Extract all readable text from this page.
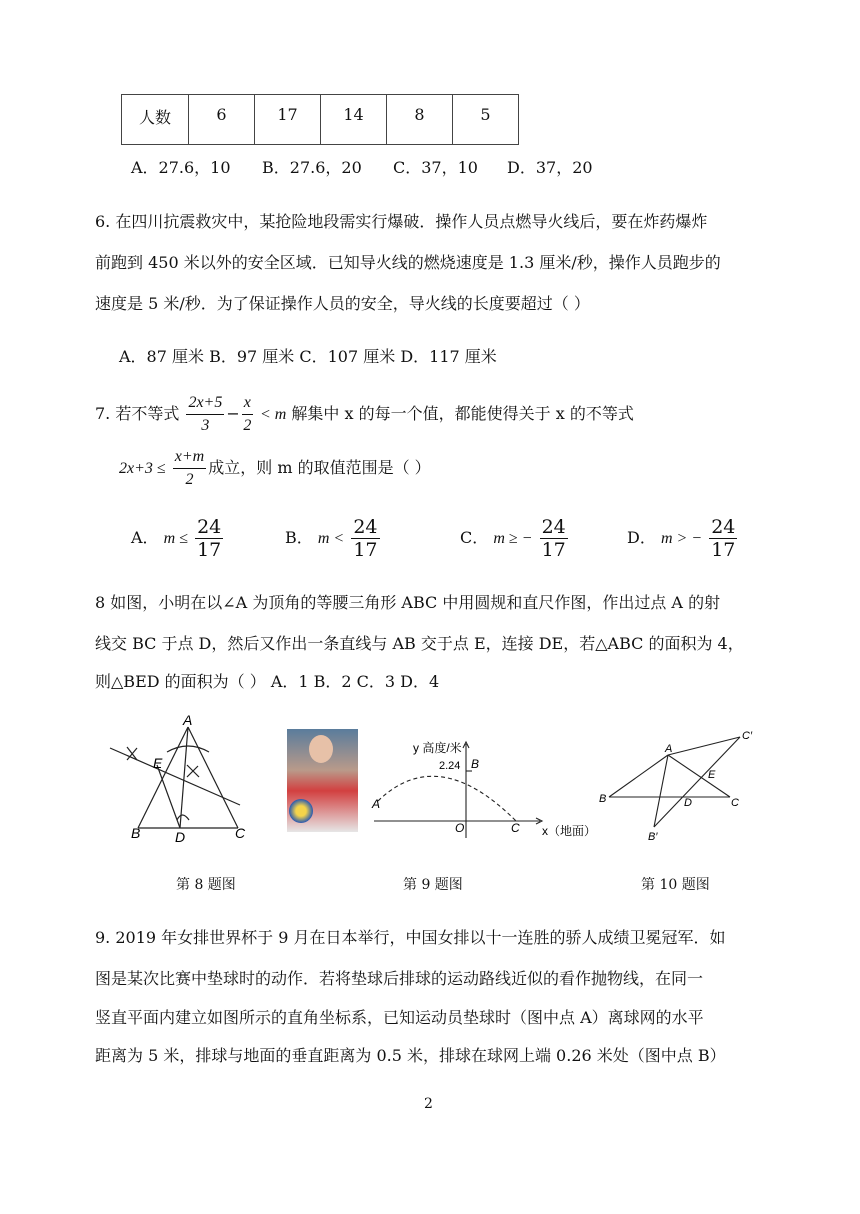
人数	6	17	14	8	5
A．27.6，10 B．27.6，20 C．37，10 D．37，20
6. 在四川抗震救灾中，某抢险地段需实行爆破．操作人员点燃导火线后，要在炸药爆炸
前跑到 450 米以外的安全区域．已知导火线的燃烧速度是 1.3 厘米/秒，操作人员跑步的
速度是 5 米/秒．为了保证操作人员的安全，导火线的长度要超过（ ）
A．87 厘米 B．97 厘米 C．107 厘米 D．117 厘米
7. 若不等式 $\frac{2x+5}{3} - \frac{x}{2} < m$ 解集中 x 的每一个值，都能使得关于 x 的不等式
$2x+3 \le \frac{x+m}{2}$ 成立，则 m 的取值范围是（ ）
A． $m \le \frac{24}{17}$	B． $m < \frac{24}{17}$	C． m ≥ − $\frac{24}{17}$	D． m > − $\frac{24}{17}$
8 如图，小明在以∠A 为顶角的等腰三角形 ABC 中用圆规和直尺作图，作出过点 A 的射
线交 BC 于点 D，然后又作出一条直线与 AB 交于点 E，连接 DE，若△ABC 的面积为 4，
则△BED 的面积为（ ） A．1 B．2 C．3 D．4
A
E
B D	C
y 高度/米
2.24 B
A
O	C x（地面）
A
C′
E
B	D	C
B′
第 8 题图	第 9 题图	第 10 题图
9. 2019 年女排世界杯于 9 月在日本举行，中国女排以十一连胜的骄人成绩卫冕冠军．如
图是某次比赛中垫球时的动作．若将垫球后排球的运动路线近似的看作抛物线，在同一
竖直平面内建立如图所示的直角坐标系，已知运动员垫球时（图中点 A）离球网的水平
距离为 5 米，排球与地面的垂直距离为 0.5 米，排球在球网上端 0.26 米处（图中点 B）
2
